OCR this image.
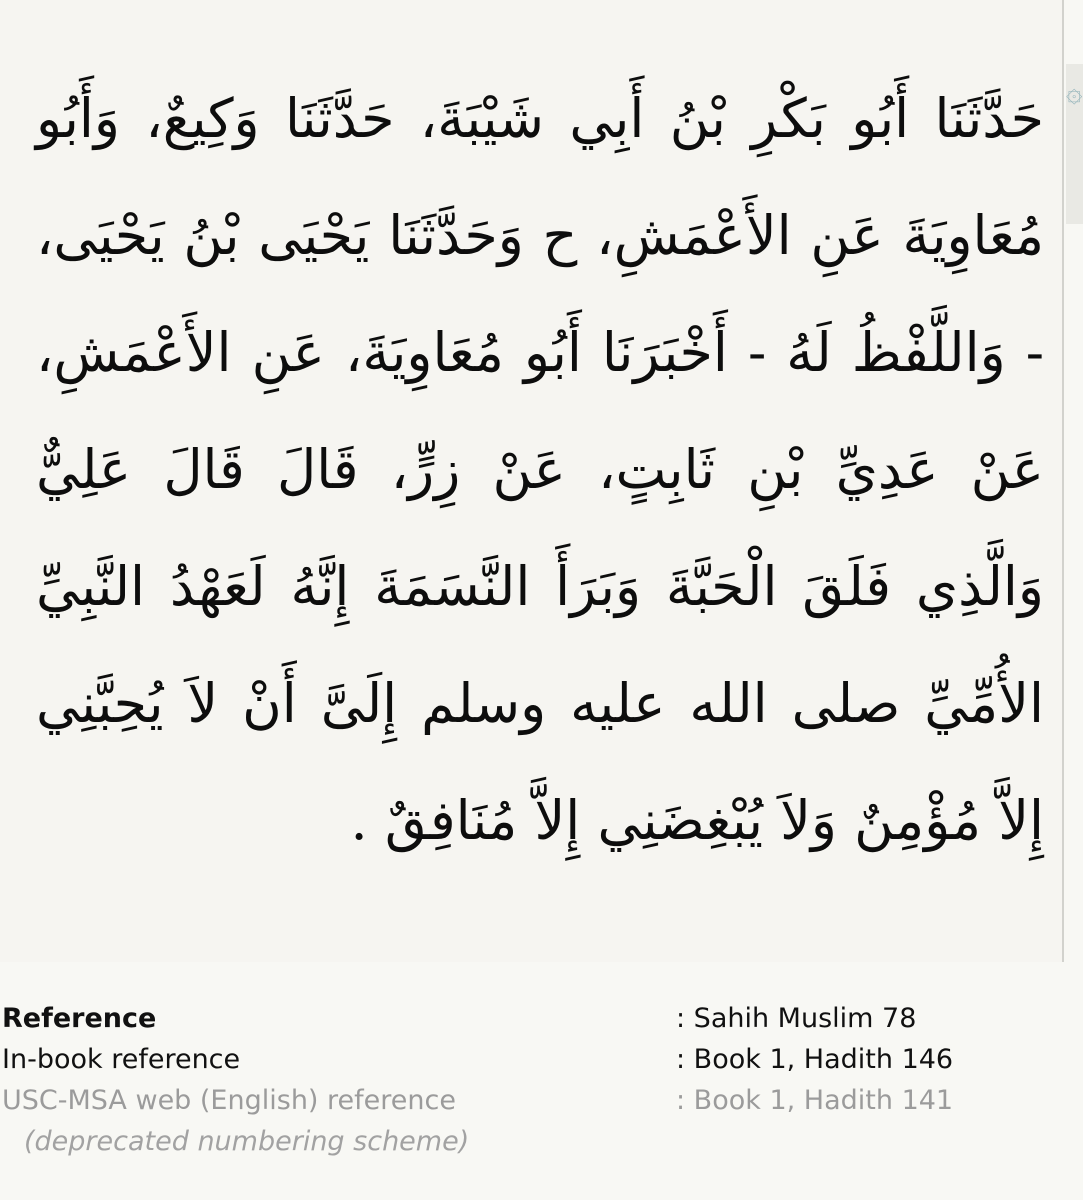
حَدَّثَنَا أَبُو بَكْرِ بْنُ أَبِي شَيْبَةَ، حَدَّثَنَا وَكِيعٌ، وَأَبُو مُعَاوِيَةَ عَنِ الأَعْمَشِ، ح وَحَدَّثَنَا يَحْيَى بْنُ يَحْيَى، - وَاللَّفْظُ لَهُ - أَخْبَرَنَا أَبُو مُعَاوِيَةَ، عَنِ الأَعْمَشِ، عَنْ عَدِيِّ بْنِ ثَابِتٍ، عَنْ زِرٍّ، قَالَ قَالَ عَلِيٌّ وَالَّذِي فَلَقَ الْحَبَّةَ وَبَرَأَ النَّسَمَةَ إِنَّهُ لَعَهْدُ النَّبِيِّ الأُمِّيِّ صلى الله عليه وسلم إِلَىَّ أَنْ لاَ يُحِبَّنِي إِلاَّ مُؤْمِنٌ وَلاَ يُبْغِضَنِي إِلاَّ مُنَافِقٌ .

۞
Reference	: Sahih Muslim 78
In-book reference	: Book 1, Hadith 146
USC-MSA web (English) reference	: Book 1, Hadith 141
(deprecated numbering scheme)
